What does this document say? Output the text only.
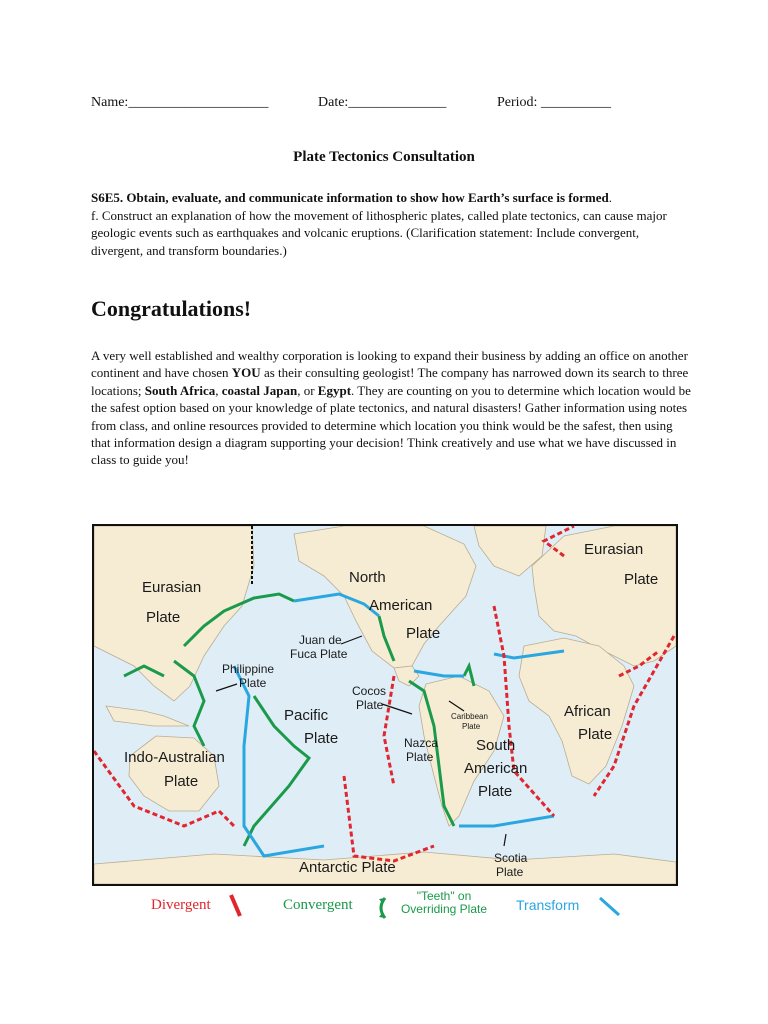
Name:____________________	Date:______________	Period: __________
Plate Tectonics Consultation
S6E5. Obtain, evaluate, and communicate information to show how Earth’s surface is formed.
f. Construct an explanation of how the movement of lithospheric plates, called plate tectonics, can cause major geologic events such as earthquakes and volcanic eruptions. (Clarification statement: Include convergent, divergent, and transform boundaries.)
Congratulations!
A very well established and wealthy corporation is looking to expand their business by adding an office on another continent and have chosen YOU as their consulting geologist! The company has narrowed down its search to three locations; South Africa, coastal Japan, or Egypt. They are counting on you to determine which location would be the safest option based on your knowledge of plate tectonics, and natural disasters! Gather information using notes from class, and online resources provided to determine which location you think would be the safest, then using that information design a diagram supporting your decision! Think creatively and use what we have discussed in class to guide you!
Eurasian Plate
North American Plate
Juan de Fuca Plate
Philippine Plate
Pacific Plate
Cocos Plate
Caribbean Plate
Indo-Australian Plate
Nazca Plate
South American Plate
Eurasian Plate
African Plate
Antarctic Plate
Scotia Plate
Divergent	Convergent
"Teeth" on
Overriding Plate	Transform
